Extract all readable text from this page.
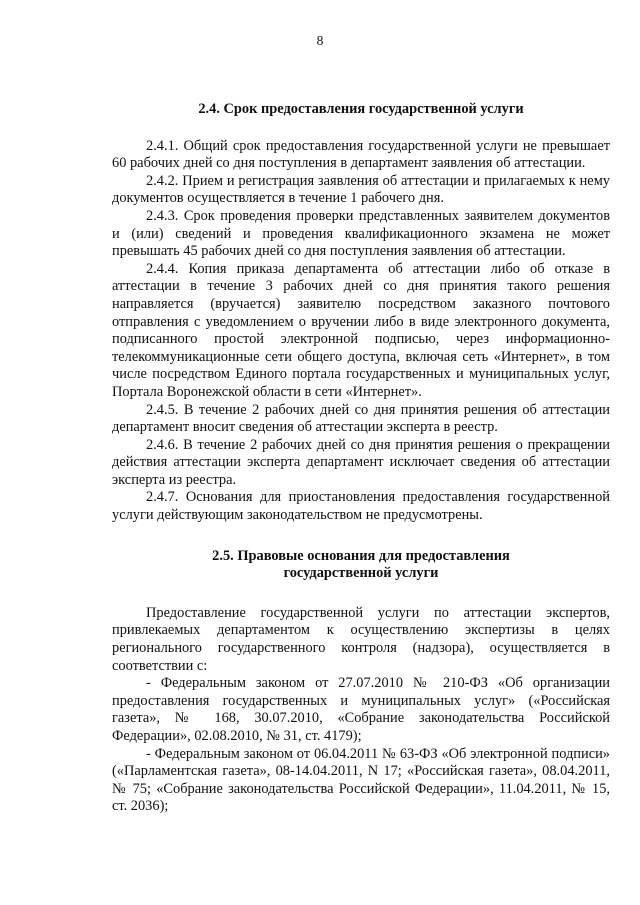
8

2.4. Срок предоставления государственной услуги

2.4.1. Общий срок предоставления государственной услуги не превышает 60 рабочих дней со дня поступления в департамент заявления об аттестации.

2.4.2. Прием и регистрация заявления об аттестации и прилагаемых к нему документов осуществляется в течение 1 рабочего дня.

2.4.3. Срок проведения проверки представленных заявителем документов и (или) сведений и проведения квалификационного экзамена не может превышать 45 рабочих дней со дня поступления заявления об аттестации.

2.4.4. Копия приказа департамента об аттестации либо об отказе в аттестации в течение 3 рабочих дней со дня принятия такого решения направляется (вручается) заявителю посредством заказного почтового отправления с уведомлением о вручении либо в виде электронного документа, подписанного простой электронной подписью, через информационно-телекоммуникационные сети общего доступа, включая сеть «Интернет», в том числе посредством Единого портала государственных и муниципальных услуг, Портала Воронежской области в сети «Интернет».

2.4.5. В течение 2 рабочих дней со дня принятия решения об аттестации департамент вносит сведения об аттестации эксперта в реестр.

2.4.6. В течение 2 рабочих дней со дня принятия решения о прекращении действия аттестации эксперта департамент исключает сведения об аттестации эксперта из реестра.

2.4.7. Основания для приостановления предоставления государственной услуги действующим законодательством не предусмотрены.

2.5. Правовые основания для предоставления
государственной услуги

Предоставление государственной услуги по аттестации экспертов, привлекаемых департаментом к осуществлению экспертизы в целях регионального государственного контроля (надзора), осуществляется в соответствии с:

- Федеральным законом от 27.07.2010 № 210-ФЗ «Об организации предоставления государственных и муниципальных услуг» («Российская газета», № 168, 30.07.2010, «Собрание законодательства Российской Федерации», 02.08.2010, № 31, ст. 4179);

- Федеральным законом от 06.04.2011 № 63-ФЗ «Об электронной подписи» («Парламентская газета», 08-14.04.2011, N 17; «Российская газета», 08.04.2011, № 75; «Собрание законодательства Российской Федерации», 11.04.2011, № 15, ст. 2036);
